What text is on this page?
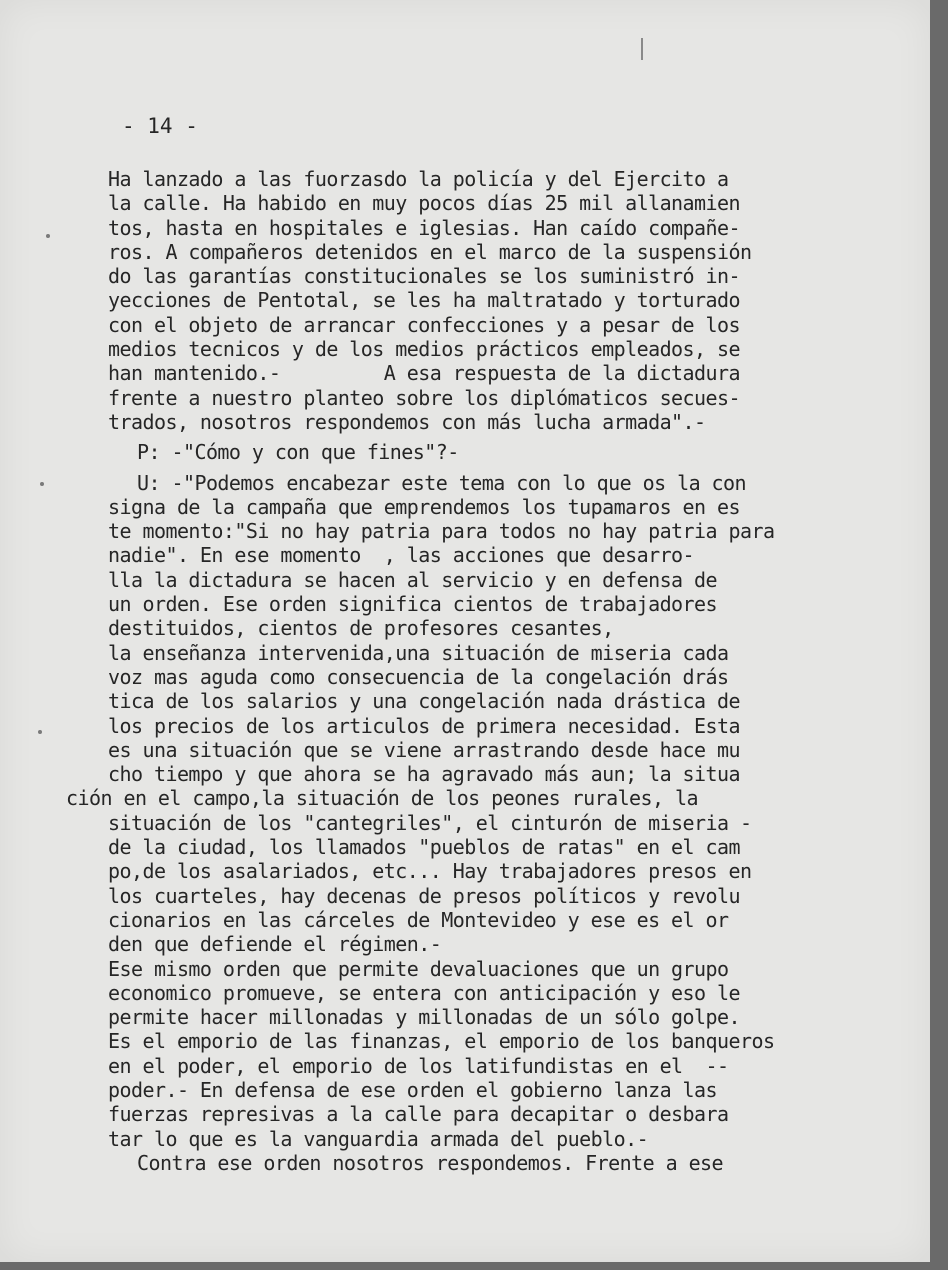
- 14 -
Ha lanzado a las fuorzasdo la policía y del Ejercito a
la calle. Ha habido en muy pocos días 25 mil allanamien
tos, hasta en hospitales e iglesias. Han caído compañe-
ros. A compañeros detenidos en el marco de la suspensión
do las garantías constitucionales se los suministró in-
yecciones de Pentotal, se les ha maltratado y torturado
con el objeto de arrancar confecciones y a pesar de los
medios tecnicos y de los medios prácticos empleados, se
han mantenido.-         A esa respuesta de la dictadura
frente a nuestro planteo sobre los diplómaticos secues-
trados, nosotros respondemos con más lucha armada".-
P: -"Cómo y con que fines"?-
U: -"Podemos encabezar este tema con lo que os la con
signa de la campaña que emprendemos los tupamaros en es
te momento:"Si no hay patria para todos no hay patria para
nadie". En ese momento  , las acciones que desarro-
lla la dictadura se hacen al servicio y en defensa de
un orden. Ese orden significa cientos de trabajadores
destituidos, cientos de profesores cesantes,
la enseñanza intervenida,una situación de miseria cada
voz mas aguda como consecuencia de la congelación drás
tica de los salarios y una congelación nada drástica de
los precios de los articulos de primera necesidad. Esta
es una situación que se viene arrastrando desde hace mu
cho tiempo y que ahora se ha agravado más aun; la situa
ción en el campo,la situación de los peones rurales, la
situación de los "cantegriles", el cinturón de miseria -
de la ciudad, los llamados "pueblos de ratas" en el cam
po,de los asalariados, etc... Hay trabajadores presos en
los cuarteles, hay decenas de presos políticos y revolu
cionarios en las cárceles de Montevideo y ese es el or
den que defiende el régimen.-
Ese mismo orden que permite devaluaciones que un grupo
economico promueve, se entera con anticipación y eso le
permite hacer millonadas y millonadas de un sólo golpe.
Es el emporio de las finanzas, el emporio de los banqueros
en el poder, el emporio de los latifundistas en el  --
poder.- En defensa de ese orden el gobierno lanza las
fuerzas represivas a la calle para decapitar o desbara
tar lo que es la vanguardia armada del pueblo.-
Contra ese orden nosotros respondemos. Frente a ese
